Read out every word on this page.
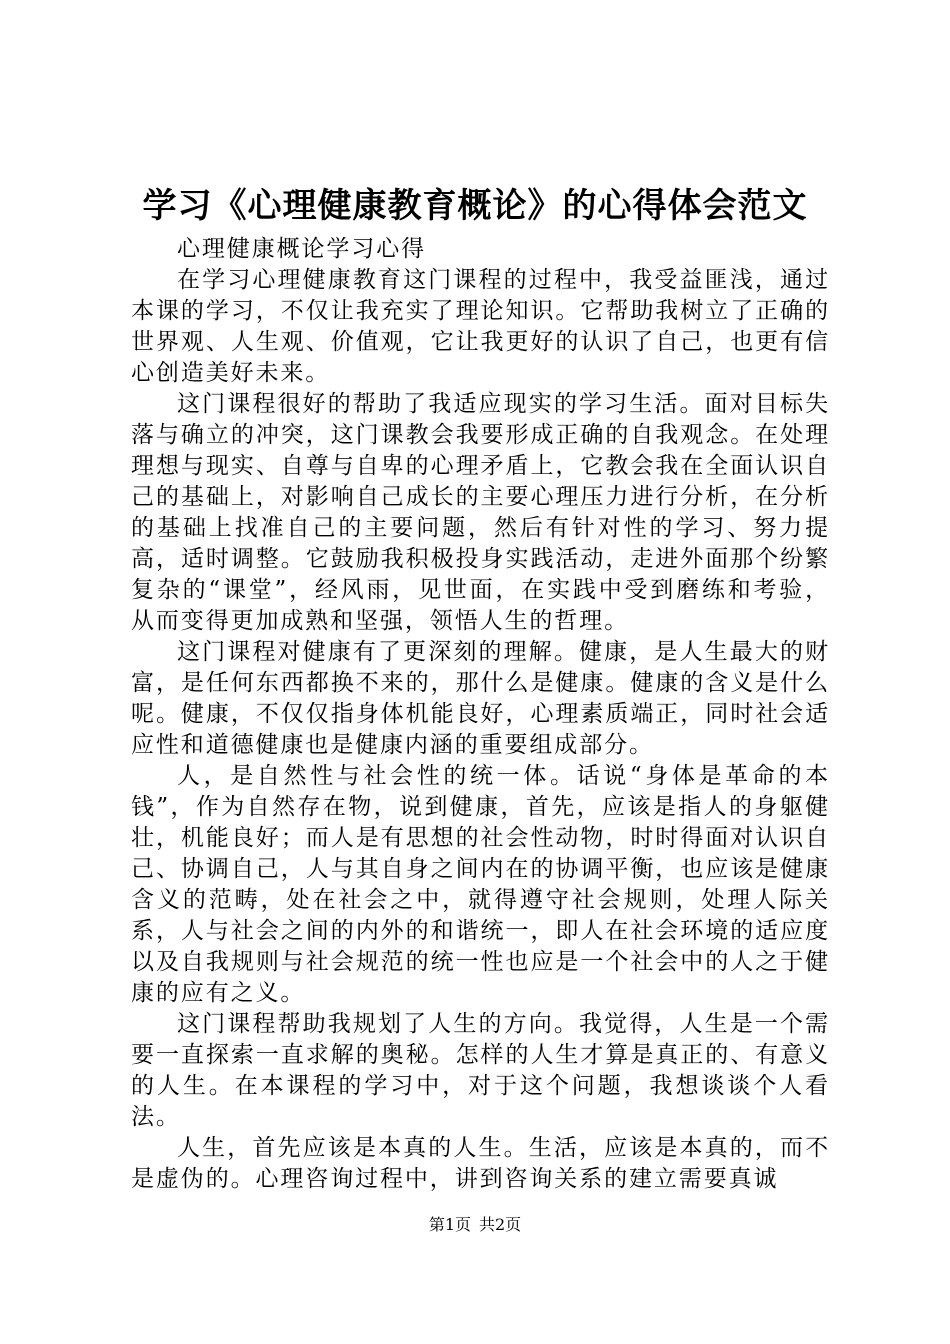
学习《心理健康教育概论》的心得体会范文

心理健康概论学习心得

在学习心理健康教育这门课程的过程中，我受益匪浅，通过本课的学习，不仅让我充实了理论知识。它帮助我树立了正确的世界观、人生观、价值观，它让我更好的认识了自己，也更有信心创造美好未来。

这门课程很好的帮助了我适应现实的学习生活。面对目标失落与确立的冲突，这门课教会我要形成正确的自我观念。在处理理想与现实、自尊与自卑的心理矛盾上，它教会我在全面认识自己的基础上，对影响自己成长的主要心理压力进行分析，在分析的基础上找准自己的主要问题，然后有针对性的学习、努力提高，适时调整。它鼓励我积极投身实践活动，走进外面那个纷繁复杂的“课堂”，经风雨，见世面，在实践中受到磨练和考验，从而变得更加成熟和坚强，领悟人生的哲理。

这门课程对健康有了更深刻的理解。健康，是人生最大的财富，是任何东西都换不来的，那什么是健康。健康的含义是什么呢。健康，不仅仅指身体机能良好，心理素质端正，同时社会适应性和道德健康也是健康内涵的重要组成部分。

人，是自然性与社会性的统一体。话说“身体是革命的本钱”，作为自然存在物，说到健康，首先，应该是指人的身躯健壮，机能良好；而人是有思想的社会性动物，时时得面对认识自己、协调自己，人与其自身之间内在的协调平衡，也应该是健康含义的范畴，处在社会之中，就得遵守社会规则，处理人际关系，人与社会之间的内外的和谐统一，即人在社会环境的适应度以及自我规则与社会规范的统一性也应是一个社会中的人之于健康的应有之义。

这门课程帮助我规划了人生的方向。我觉得，人生是一个需要一直探索一直求解的奥秘。怎样的人生才算是真正的、有意义的人生。在本课程的学习中，对于这个问题，我想谈谈个人看法。

人生，首先应该是本真的人生。生活，应该是本真的，而不是虚伪的。心理咨询过程中，讲到咨询关系的建立需要真诚

第1页 共2页
